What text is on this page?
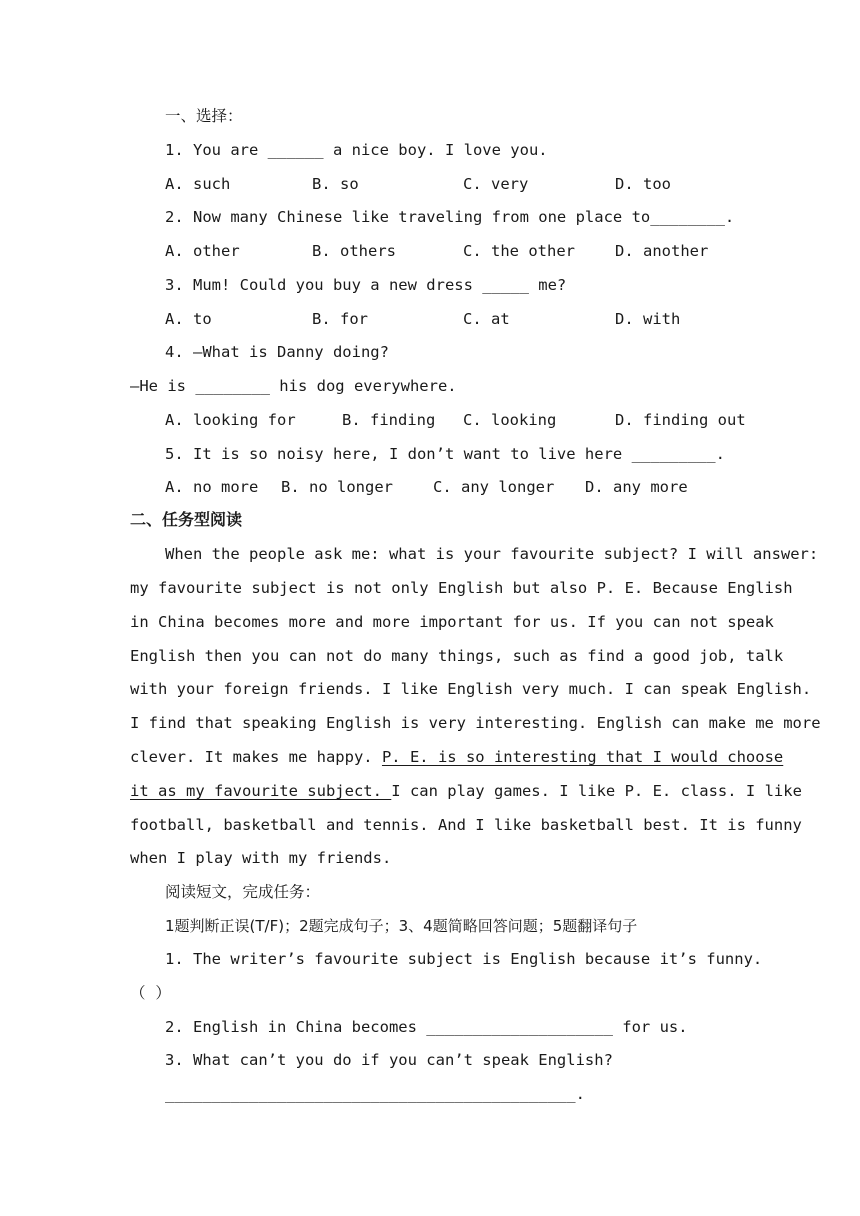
一、选择：
1. You are ______ a nice boy. I love you.
A. such	B. so	C. very	D. too
2. Now many Chinese like traveling from one place to________.
A. other	B. others	C. the other	D. another
3. Mum! Could you buy a new dress _____ me?
A. to	B. for	C. at	D. with
4. —What is Danny doing?
—He is ________ his dog everywhere.
A. looking for	B. finding C. looking	D. finding out
5. It is so noisy here, I don’t want to live here _________.
A. no more B. no longer	C. any longer D. any more
二、任务型阅读
When the people ask me: what is your favourite subject? I will answer:
my favourite subject is not only English but also P. E. Because English
in China becomes more and more important for us. If you can not speak
English then you can not do many things, such as find a good job, talk
with your foreign friends. I like English very much. I can speak English.
I find that speaking English is very interesting. English can make me more
clever. It makes me happy. P. E. is so interesting that I would choose
it as my favourite subject. I can play games. I like P. E. class. I like
football, basketball and tennis. And I like basketball best. It is funny
when I play with my friends.
阅读短文，完成任务：
1题判断正误(T/F)；2题完成句子；3、4题简略回答问题；5题翻译句子
1. The writer’s favourite subject is English because it’s funny.
（  ）
2. English in China becomes ____________________ for us.
3. What can’t you do if you can’t speak English?
____________________________________________.
